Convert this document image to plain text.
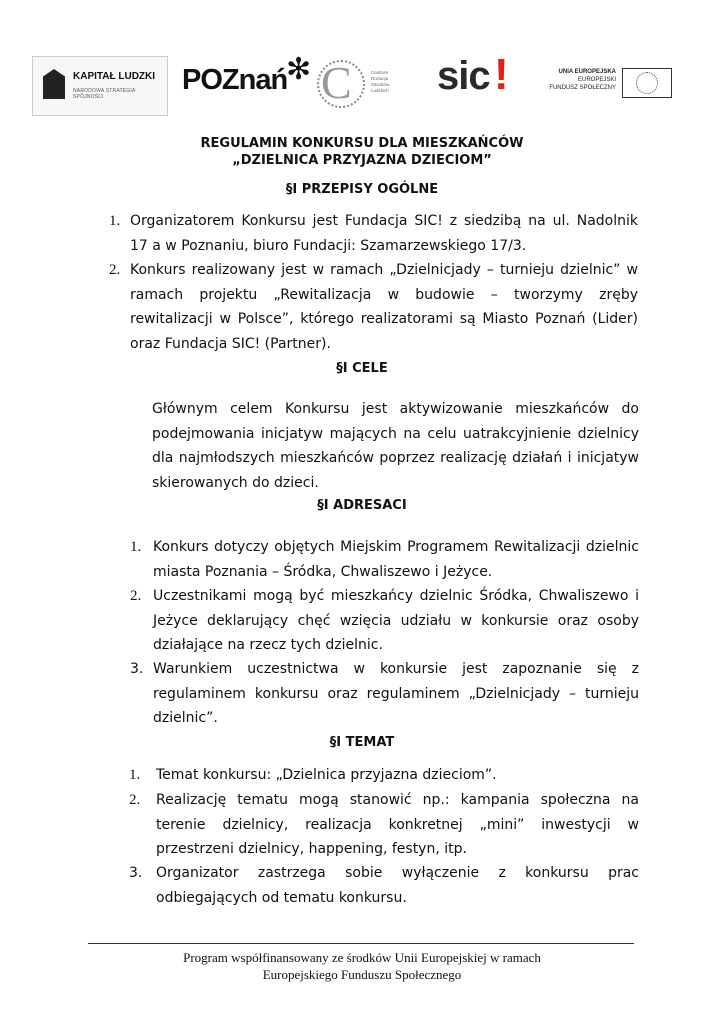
KAPITAŁ LUDZKI
NARODOWA STRATEGIA SPÓJNOŚCI
POZnań
✻ C	Centrum Rozwoju Zasobów Ludzkich sic !	UNIA EUROPEJSKA
EUROPEJSKI
FUNDUSZ SPOŁECZNY
REGULAMIN KONKURSU DLA MIESZKAŃCÓW
„DZIELNICA PRZYJAZNA DZIECIOM”
§I PRZEPISY OGÓLNE
1. Organizatorem Konkursu jest Fundacja SIC! z siedzibą na ul. Nadolnik 17 a w Poznaniu, biuro Fundacji: Szamarzewskiego 17/3.
2. Konkurs realizowany jest w ramach „Dzielnicjady – turnieju dzielnic” w ramach projektu „Rewitalizacja w budowie – tworzymy zręby rewitalizacji w Polsce”, którego realizatorami są Miasto Poznań (Lider) oraz Fundacja SIC! (Partner).
§I CELE
Głównym celem Konkursu jest aktywizowanie mieszkańców do podejmowania inicjatyw mających na celu uatrakcyjnienie dzielnicy dla najmłodszych mieszkańców poprzez realizację działań i inicjatyw skierowanych do dzieci.
§I ADRESACI
1. Konkurs dotyczy objętych Miejskim Programem Rewitalizacji dzielnic miasta Poznania – Śródka, Chwaliszewo i Jeżyce.
2. Uczestnikami mogą być mieszkańcy dzielnic Śródka, Chwaliszewo i Jeżyce deklarujący chęć wzięcia udziału w konkursie oraz osoby działające na rzecz tych dzielnic.
3. Warunkiem uczestnictwa w konkursie jest zapoznanie się z regulaminem konkursu oraz regulaminem „Dzielnicjady – turnieju dzielnic”.
§I TEMAT
1. Temat konkursu: „Dzielnica przyjazna dzieciom”.
2. Realizację tematu mogą stanowić np.: kampania społeczna na terenie dzielnicy, realizacja konkretnej „mini” inwestycji w przestrzeni dzielnicy, happening, festyn, itp.
3. Organizator zastrzega sobie wyłączenie z konkursu prac odbiegających od tematu konkursu.
Program współfinansowany ze środków Unii Europejskiej w ramach
Europejskiego Funduszu Społecznego
